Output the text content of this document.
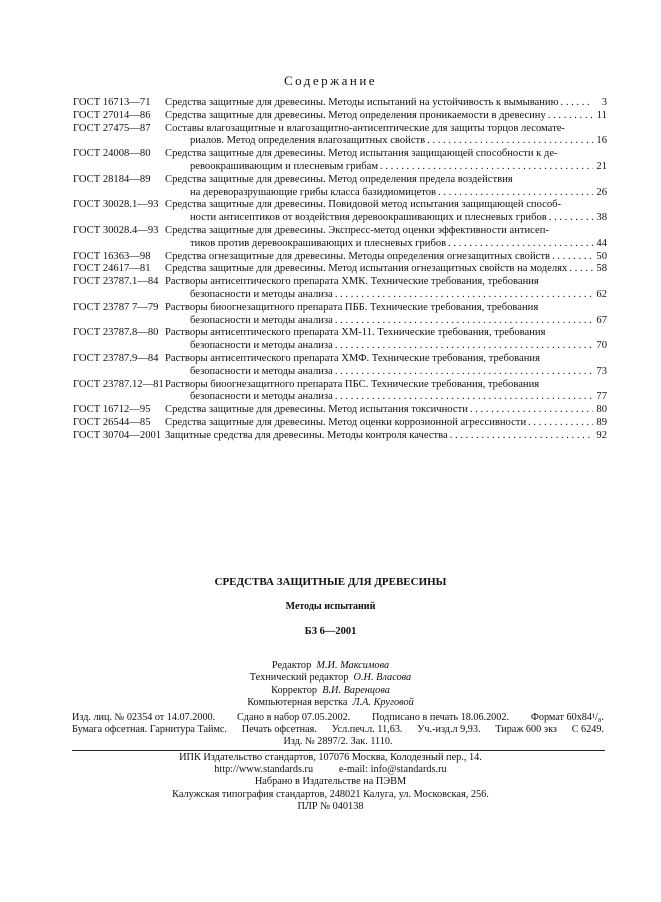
Содержание
ГОСТ 16713—71 Средства защитные для древесины. Методы испытаний на устойчивость к вымыванию . . .	3
ГОСТ 27014—86 Средства защитные для древесины. Метод определения проникаемости в древесину . . .	11
ГОСТ 27475—87	Составы влагозащитные и влагозащитно-антисептические для защиты торцов лесомате-
риалов. Метод определения влагозащитных свойств . . .	16
ГОСТ 24008—80	Средства защитные для древесины. Метод испытания защищающей способности к де-
ревоокрашивающим и плесневым грибам . . .	21
ГОСТ 28184—89	Средства защитные для древесины. Метод определения предела воздействия
на дереворазрушающие грибы класса базидиомицетов . . .	26
ГОСТ 30028.1—93 Средства защитные для древесины. Повидовой метод испытания защищающей способ-
ности антисептиков от воздействия деревоокрашивающих и плесневых грибов . . .	38
ГОСТ 30028.4—93 Средства защитные для древесины. Экспресс-метод оценки эффективности антисеп-
тиков против деревоокрашивающих и плесневых грибов . . .	44
ГОСТ 16363—98 Средства огнезащитные для древесины. Методы определения огнезащитных свойств . . .	50
ГОСТ 24617—81 Средства защитные для древесины. Метод испытания огнезащитных свойств на моделях . . .	58
ГОСТ 23787.1—84 Растворы антисептического препарата ХМК. Технические требования, требования
безопасности и методы анализа . . .	62
ГОСТ 23787 7—79 Растворы биоогнезащитного препарата ПББ. Технические требования, требования
безопасности и методы анализа . . .	67
ГОСТ 23787.8—80 Растворы антисептического препарата ХМ-11. Технические требования, требования
безопасности и методы анализа . . .	70
ГОСТ 23787.9—84 Растворы антисептического препарата ХМФ. Технические требования, требования
безопасности и методы анализа . . .	73
ГОСТ 23787.12—81 Растворы биоогнезащитного препарата ПБС. Технические требования, требования
безопасности и методы анализа . . .	77
ГОСТ 16712—95 Средства защитные для древесины. Метод испытания токсичности . . .	80
ГОСТ 26544—85 Средства защитные для древесины. Метод оценки коррозионной агрессивности . . .	89
ГОСТ 30704—2001 Защитные средства для древесины. Методы контроля качества . . .	92
СРЕДСТВА ЗАЩИТНЫЕ ДЛЯ ДРЕВЕСИНЫ
Методы испытаний
БЗ 6—2001
Редактор М.И. Максимова
Технический редактор О.Н. Власова
Корректор В.И. Варенцова
Компьютерная верстка Л.А. Круговой
Изд. лиц. № 02354 от 14.07.2000. Сдано в набор 07.05.2002. Подписано в печать 18.06.2002. Формат 60х84¹/₈.
Бумага офсетная. Гарнитура Таймс. Печать офсетная. Усл.печ.л. 11,63. Уч.-изд.л 9,93. Тираж 600 экз С 6249.
Изд. № 2897/2. Зак. 1110.
ИПК Издательство стандартов, 107076 Москва, Колодезный пер., 14.
http://www.standards.ru          e-mail: info@standards.ru
Набрано в Издательстве на ПЭВМ
Калужская типография стандартов, 248021 Калуга, ул. Московская, 256.
ПЛР № 040138
